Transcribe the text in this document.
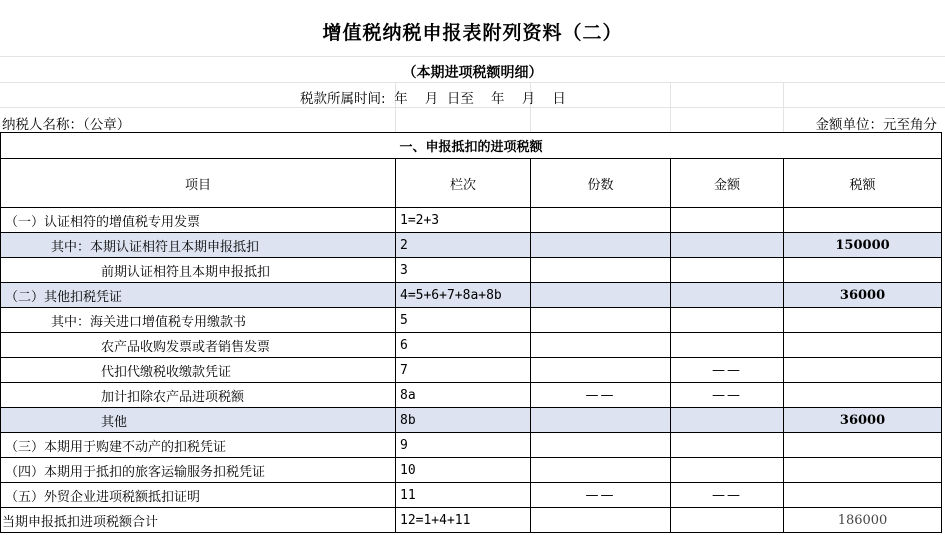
增值税纳税申报表附列资料（二）
（本期进项税额明细）
税款所属时间:  年    月  日至    年    月    日
纳税人名称：（公章）	金额单位：元至角分
一、申报抵扣的进项税额				
项目	栏次	份数	金额	税额
（一）认证相符的增值税专用发票	1=2+3			
其中：本期认证相符且本期申报抵扣	2			150000
前期认证相符且本期申报抵扣	3			
（二）其他扣税凭证	4=5+6+7+8a+8b			36000
其中：海关进口增值税专用缴款书	5			
农产品收购发票或者销售发票	6			
代扣代缴税收缴款凭证	7		——	
加计扣除农产品进项税额	8a	——	——	
其他	8b			36000
（三）本期用于购建不动产的扣税凭证	9			
（四）本期用于抵扣的旅客运输服务扣税凭证	10			
（五）外贸企业进项税额抵扣证明	11	——	——	
当期申报抵扣进项税额合计	12=1+4+11			186000
